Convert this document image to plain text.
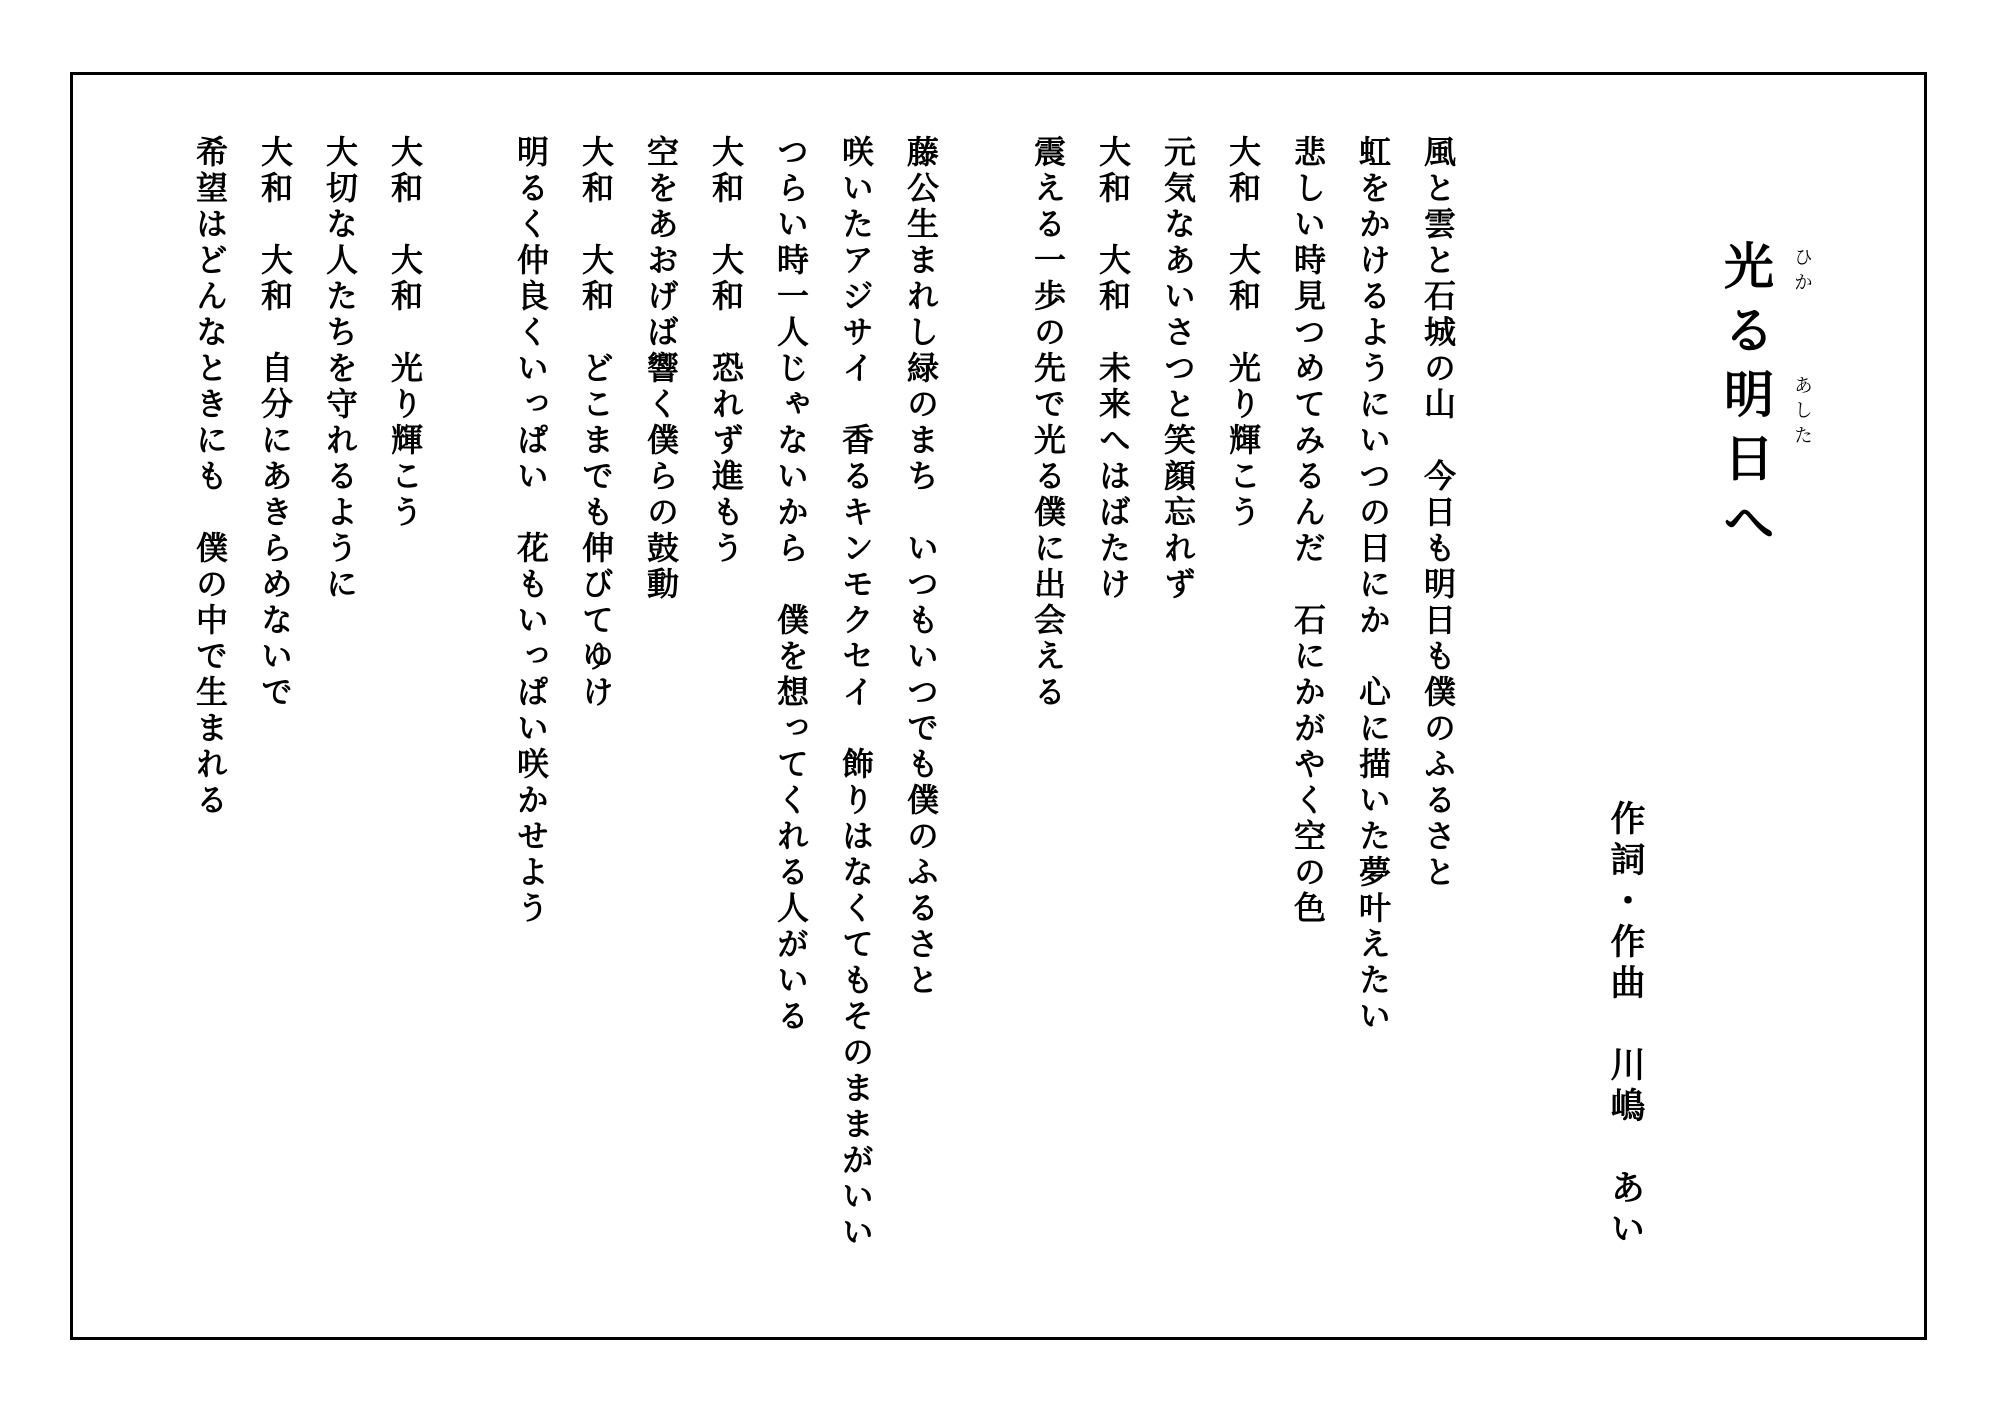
光 ひか
る
明
日
あした
へ
作詞・作曲　川嶋　あい
風と雲と石城の山　今日も明日も僕のふるさと
虹をかけるようにいつの日にか　心に描いた夢叶えたい
悲しい時見つめてみるんだ　石にかがやく空の色
大和　大和　光り輝こう
元気なあいさつと笑顔忘れず
大和　大和　未来へはばたけ
震える一歩の先で光る僕に出会える
藤公生まれし緑のまち　いつもいつでも僕のふるさと
咲いたアジサイ　香るキンモクセイ　飾りはなくてもそのままがいい
つらい時一人じゃないから　僕を想ってくれる人がいる
大和　大和　恐れず進もう
空をあおげば響く僕らの鼓動
大和　大和　どこまでも伸びてゆけ
明るく仲良くいっぱい　花もいっぱい咲かせよう
大和　大和　光り輝こう
大切な人たちを守れるように
大和　大和　自分にあきらめないで
希望はどんなときにも　僕の中で生まれる
